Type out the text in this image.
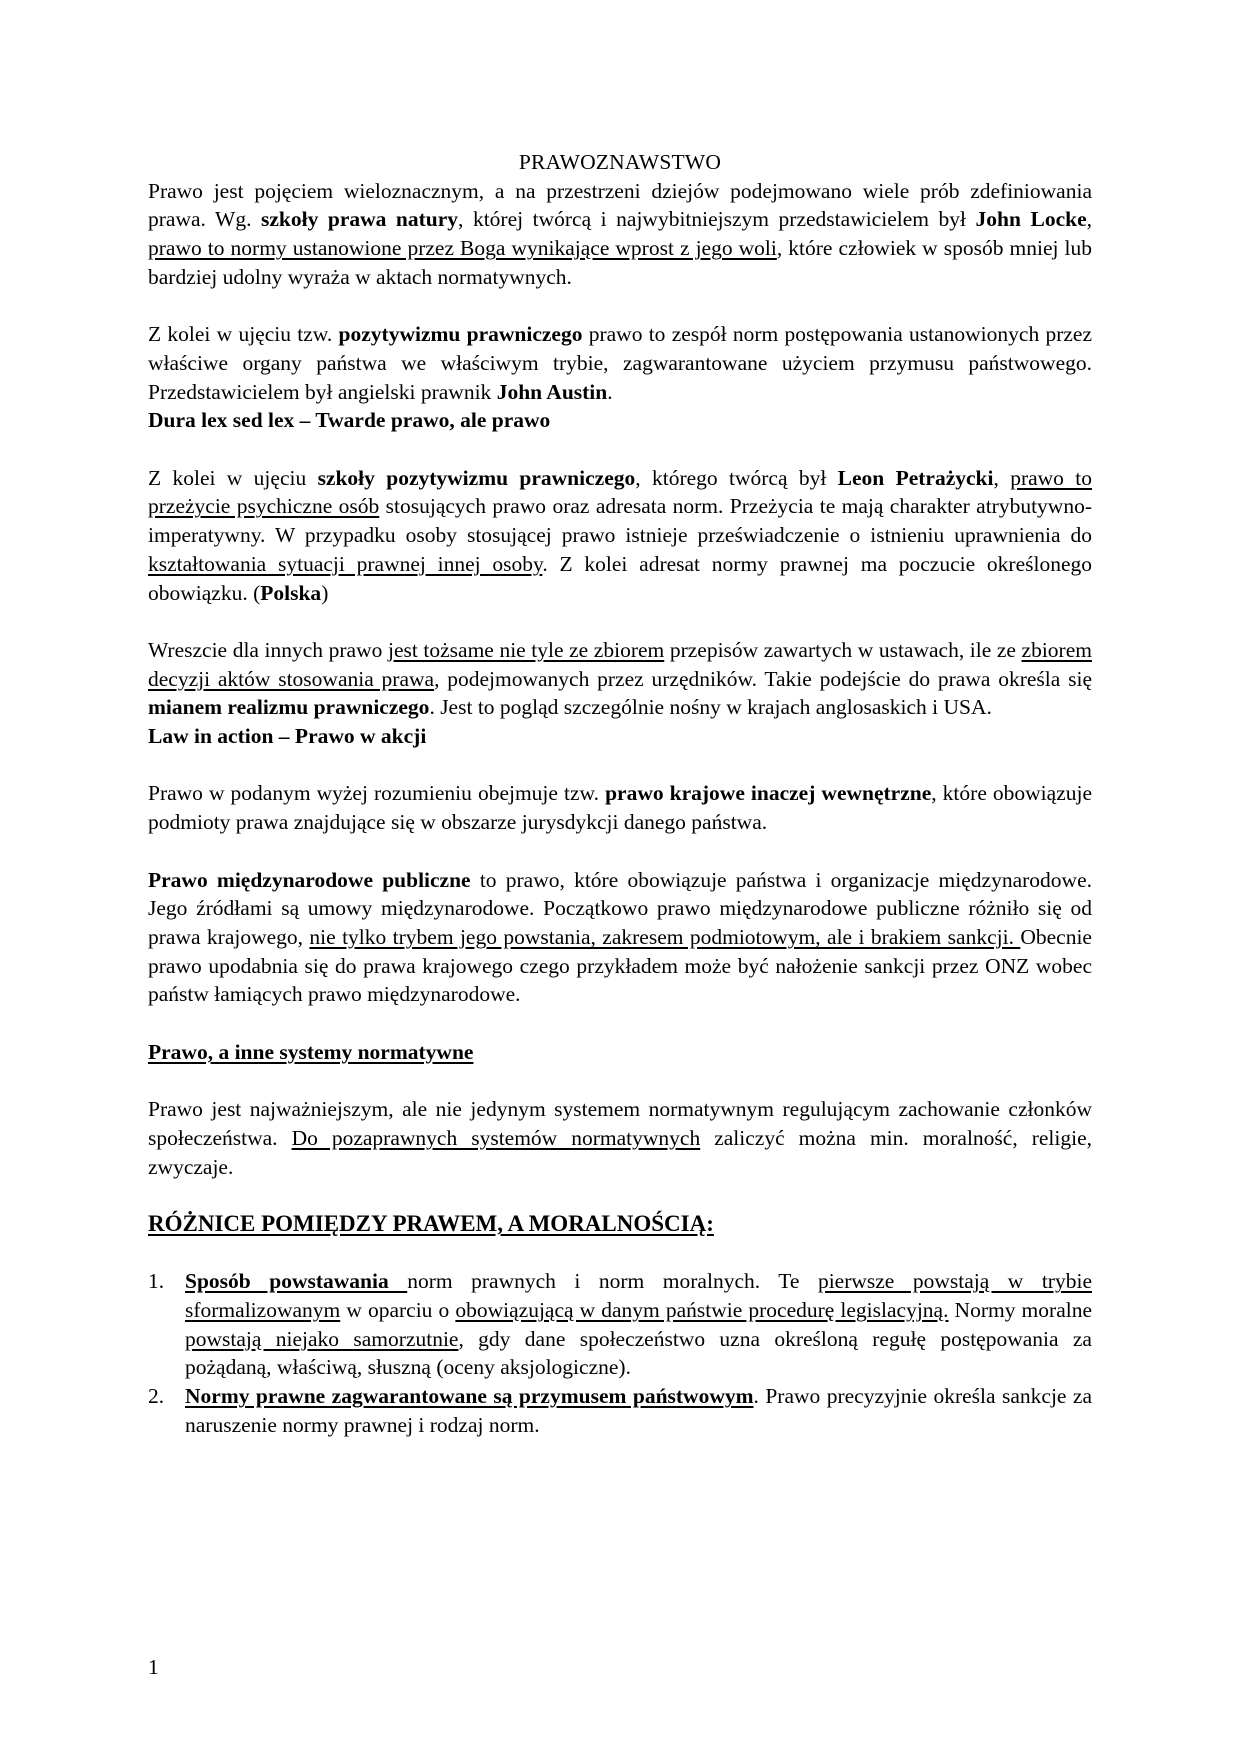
PRAWOZNAWSTWO

Prawo jest pojęciem wieloznacznym, a na przestrzeni dziejów podejmowano wiele prób zdefiniowania prawa. Wg. szkoły prawa natury, której twórcą i najwybitniejszym przedstawicielem był John Locke, prawo to normy ustanowione przez Boga wynikające wprost z jego woli, które człowiek w sposób mniej lub bardziej udolny wyraża w aktach normatywnych.

Z kolei w ujęciu tzw. pozytywizmu prawniczego prawo to zespół norm postępowania ustanowionych przez właściwe organy państwa we właściwym trybie, zagwarantowane użyciem przymusu państwowego. Przedstawicielem był angielski prawnik John Austin.

Dura lex sed lex – Twarde prawo, ale prawo

Z kolei w ujęciu szkoły pozytywizmu prawniczego, którego twórcą był Leon Petrażycki, prawo to przeżycie psychiczne osób stosujących prawo oraz adresata norm. Przeżycia te mają charakter atrybutywno-imperatywny. W przypadku osoby stosującej prawo istnieje przeświadczenie o istnieniu uprawnienia do kształtowania sytuacji prawnej innej osoby. Z kolei adresat normy prawnej ma poczucie określonego obowiązku. (Polska)

Wreszcie dla innych prawo jest tożsame nie tyle ze zbiorem przepisów zawartych w ustawach, ile ze zbiorem decyzji aktów stosowania prawa, podejmowanych przez urzędników. Takie podejście do prawa określa się mianem realizmu prawniczego. Jest to pogląd szczególnie nośny w krajach anglosaskich i USA.

Law in action – Prawo w akcji

Prawo w podanym wyżej rozumieniu obejmuje tzw. prawo krajowe inaczej wewnętrzne, które obowiązuje podmioty prawa znajdujące się w obszarze jurysdykcji danego państwa.

Prawo międzynarodowe publiczne to prawo, które obowiązuje państwa i organizacje międzynarodowe. Jego źródłami są umowy międzynarodowe. Początkowo prawo międzynarodowe publiczne różniło się od prawa krajowego, nie tylko trybem jego powstania, zakresem podmiotowym, ale i brakiem sankcji. Obecnie prawo upodabnia się do prawa krajowego czego przykładem może być nałożenie sankcji przez ONZ wobec państw łamiących prawo międzynarodowe.

Prawo, a inne systemy normatywne

Prawo jest najważniejszym, ale nie jedynym systemem normatywnym regulującym zachowanie członków społeczeństwa. Do pozaprawnych systemów normatywnych zaliczyć można min. moralność, religie, zwyczaje.

RÓŻNICE POMIĘDZY PRAWEM, A MORALNOŚCIĄ:

1. Sposób powstawania norm prawnych i norm moralnych. Te pierwsze powstają w trybie sformalizowanym w oparciu o obowiązującą w danym państwie procedurę legislacyjną. Normy moralne powstają niejako samorzutnie, gdy dane społeczeństwo uzna określoną regułę postępowania za pożądaną, właściwą, słuszną (oceny aksjologiczne).
2. Normy prawne zagwarantowane są przymusem państwowym. Prawo precyzyjnie określa sankcje za naruszenie normy prawnej i rodzaj norm.
1
